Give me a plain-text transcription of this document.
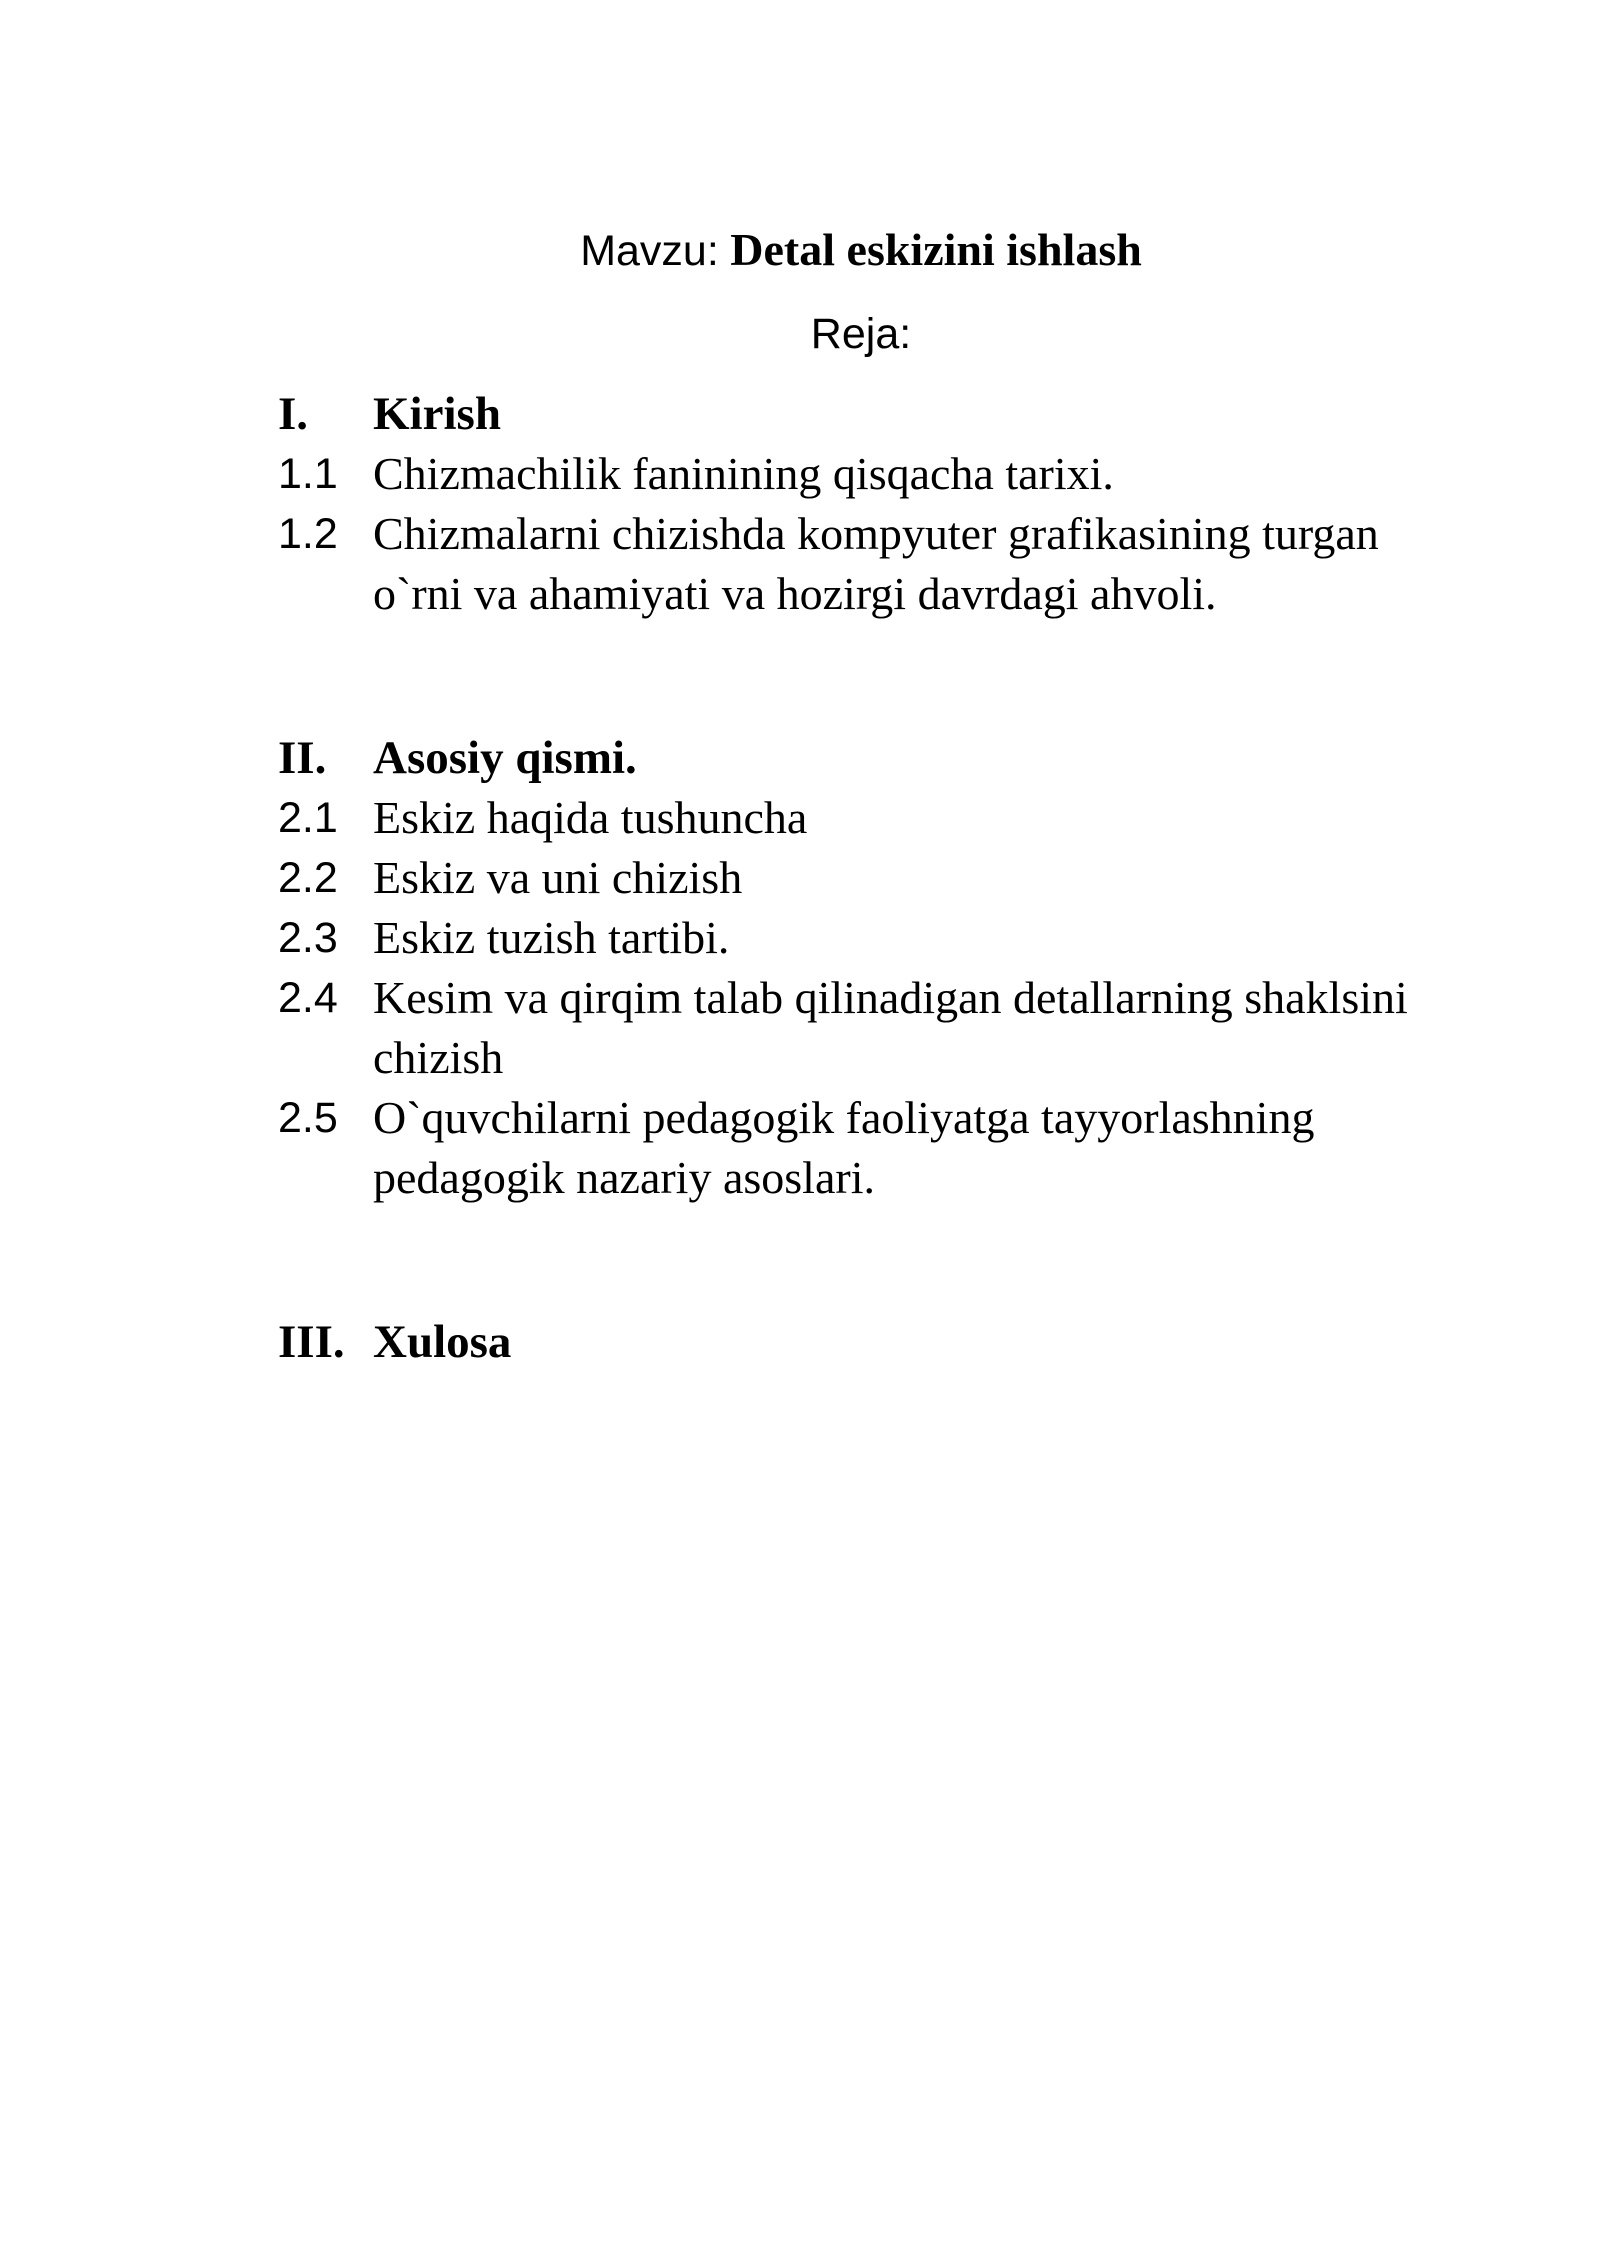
Mavzu: Detal eskizini ishlash
Reja:
I.	Kirish
1.1 Chizmachilik faninining qisqacha tarixi.
1.2 Chizmalarni chizishda kompyuter grafikasining turgan
o`rni va ahamiyati va hozirgi davrdagi ahvoli.
II. Asosiy qismi.
2.1 Eskiz haqida tushuncha
2.2 Eskiz va uni chizish
2.3 Eskiz tuzish tartibi.
2.4 Kesim va qirqim talab qilinadigan detallarning shaklsini
chizish
2.5 O`quvchilarni pedagogik faoliyatga tayyorlashning
pedagogik nazariy asoslari.
III. Xulosa
